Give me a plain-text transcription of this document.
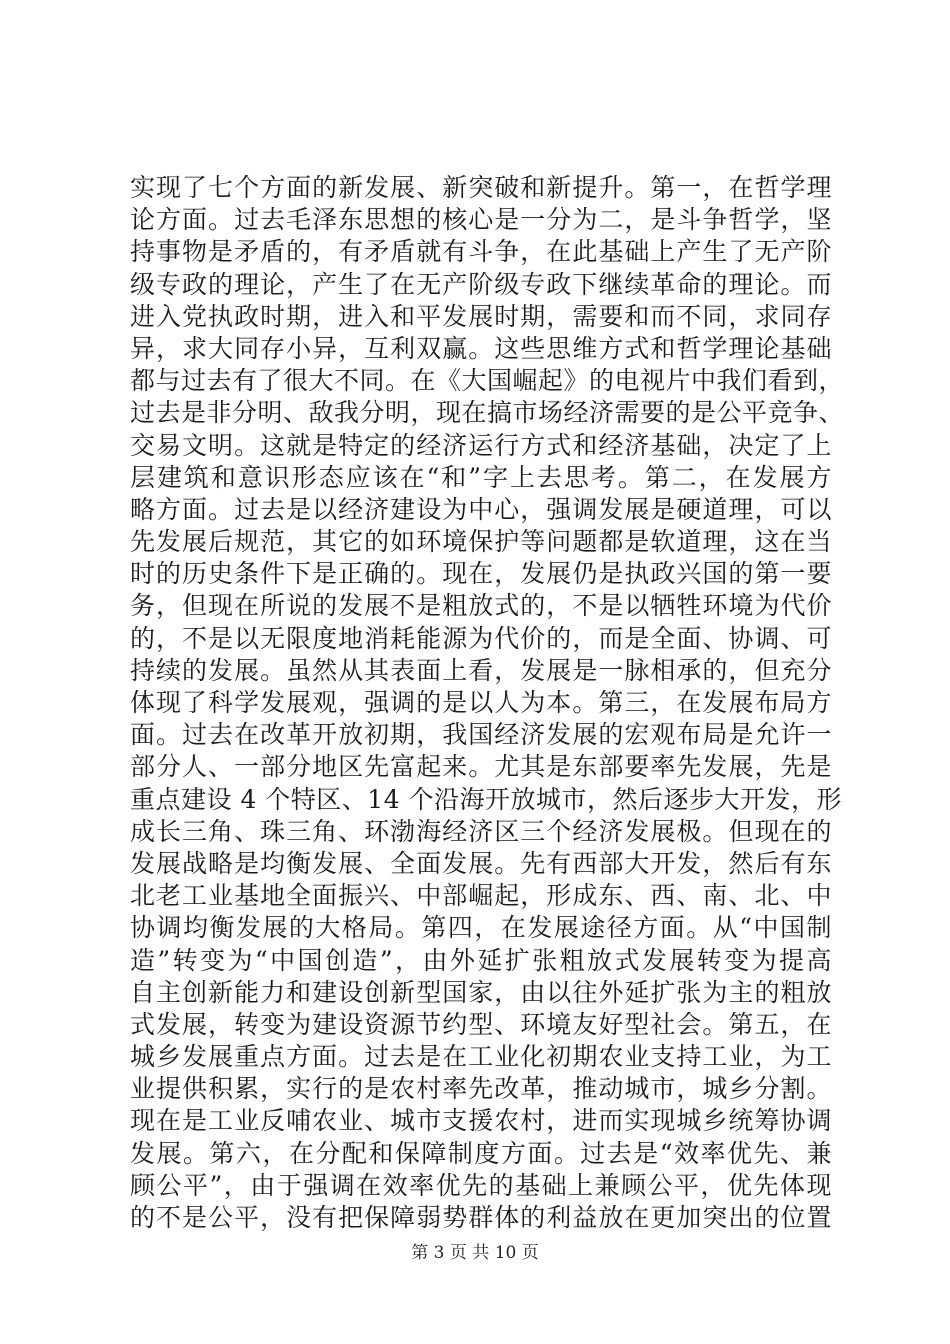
实现了七个方面的新发展、新突破和新提升。第一，在哲学理
论方面。过去毛泽东思想的核心是一分为二，是斗争哲学，坚
持事物是矛盾的，有矛盾就有斗争，在此基础上产生了无产阶
级专政的理论，产生了在无产阶级专政下继续革命的理论。而
进入党执政时期，进入和平发展时期，需要和而不同，求同存
异，求大同存小异，互利双赢。这些思维方式和哲学理论基础
都与过去有了很大不同。在《大国崛起》的电视片中我们看到，
过去是非分明、敌我分明，现在搞市场经济需要的是公平竞争、
交易文明。这就是特定的经济运行方式和经济基础，决定了上
层建筑和意识形态应该在“和”字上去思考。第二，在发展方
略方面。过去是以经济建设为中心，强调发展是硬道理，可以
先发展后规范，其它的如环境保护等问题都是软道理，这在当
时的历史条件下是正确的。现在，发展仍是执政兴国的第一要
务，但现在所说的发展不是粗放式的，不是以牺牲环境为代价
的，不是以无限度地消耗能源为代价的，而是全面、协调、可
持续的发展。虽然从其表面上看，发展是一脉相承的，但充分
体现了科学发展观，强调的是以人为本。第三，在发展布局方
面。过去在改革开放初期，我国经济发展的宏观布局是允许一
部分人、一部分地区先富起来。尤其是东部要率先发展，先是
重点建设 4 个特区、14 个沿海开放城市，然后逐步大开发，形
成长三角、珠三角、环渤海经济区三个经济发展极。但现在的
发展战略是均衡发展、全面发展。先有西部大开发，然后有东
北老工业基地全面振兴、中部崛起，形成东、西、南、北、中
协调均衡发展的大格局。第四，在发展途径方面。从“中国制
造”转变为“中国创造”，由外延扩张粗放式发展转变为提高
自主创新能力和建设创新型国家，由以往外延扩张为主的粗放
式发展，转变为建设资源节约型、环境友好型社会。第五，在
城乡发展重点方面。过去是在工业化初期农业支持工业，为工
业提供积累，实行的是农村率先改革，推动城市，城乡分割。
现在是工业反哺农业、城市支援农村，进而实现城乡统筹协调
发展。第六，在分配和保障制度方面。过去是“效率优先、兼
顾公平”，由于强调在效率优先的基础上兼顾公平，优先体现
的不是公平，没有把保障弱势群体的利益放在更加突出的位置
第 3 页 共 10 页
